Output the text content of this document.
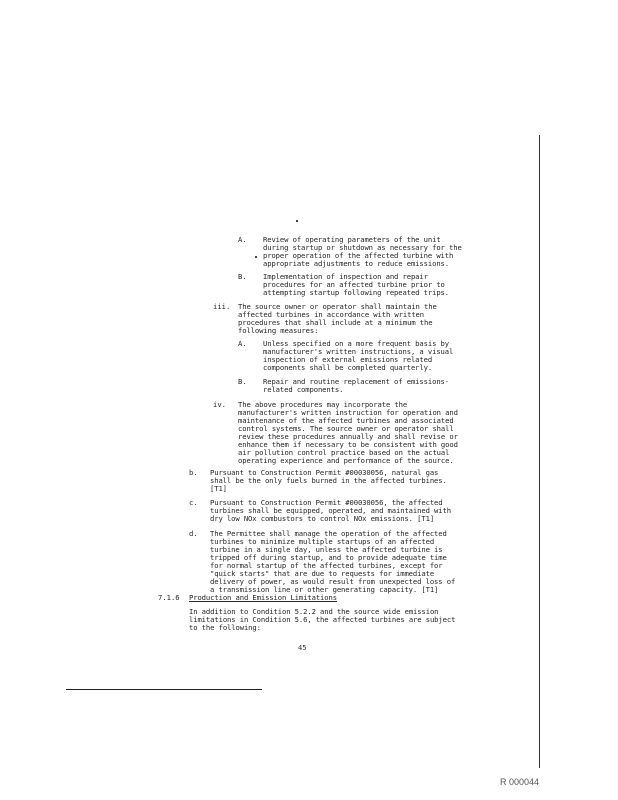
A. Review of operating parameters of the unit
during startup or shutdown as necessary for the
proper operation of the affected turbine with
appropriate adjustments to reduce emissions.
B. Implementation of inspection and repair
procedures for an affected turbine prior to
attempting startup following repeated trips.
iii. The source owner or operator shall maintain the
affected turbines in accordance with written
procedures that shall include at a minimum the
following measures:
A. Unless specified on a more frequent basis by
manufacturer's written instructions, a visual
inspection of external emissions related
components shall be completed quarterly.
B. Repair and routine replacement of emissions-
related components.
iv. The above procedures may incorporate the
manufacturer's written instruction for operation and
maintenance of the affected turbines and associated
control systems. The source owner or operator shall
review these procedures annually and shall revise or
enhance them if necessary to be consistent with good
air pollution control practice based on the actual
operating experience and performance of the source.
b. Pursuant to Construction Permit #00030056, natural gas
shall be the only fuels burned in the affected turbines.
[T1]
c. Pursuant to Construction Permit #00030056, the affected
turbines shall be equipped, operated, and maintained with
dry low NOx combustors to control NOx emissions. [T1]
d. The Permittee shall manage the operation of the affected
turbines to minimize multiple startups of an affected
turbine in a single day, unless the affected turbine is
tripped off during startup, and to provide adequate time
for normal startup of the affected turbines, except for
"quick starts" that are due to requests for immediate
delivery of power, as would result from unexpected loss of
a transmission line or other generating capacity. [T1]
7.1.6 Production and Emission Limitations
In addition to Condition 5.2.2 and the source wide emission
limitations in Condition 5.6, the affected turbines are subject
to the following:
45
R 000044
